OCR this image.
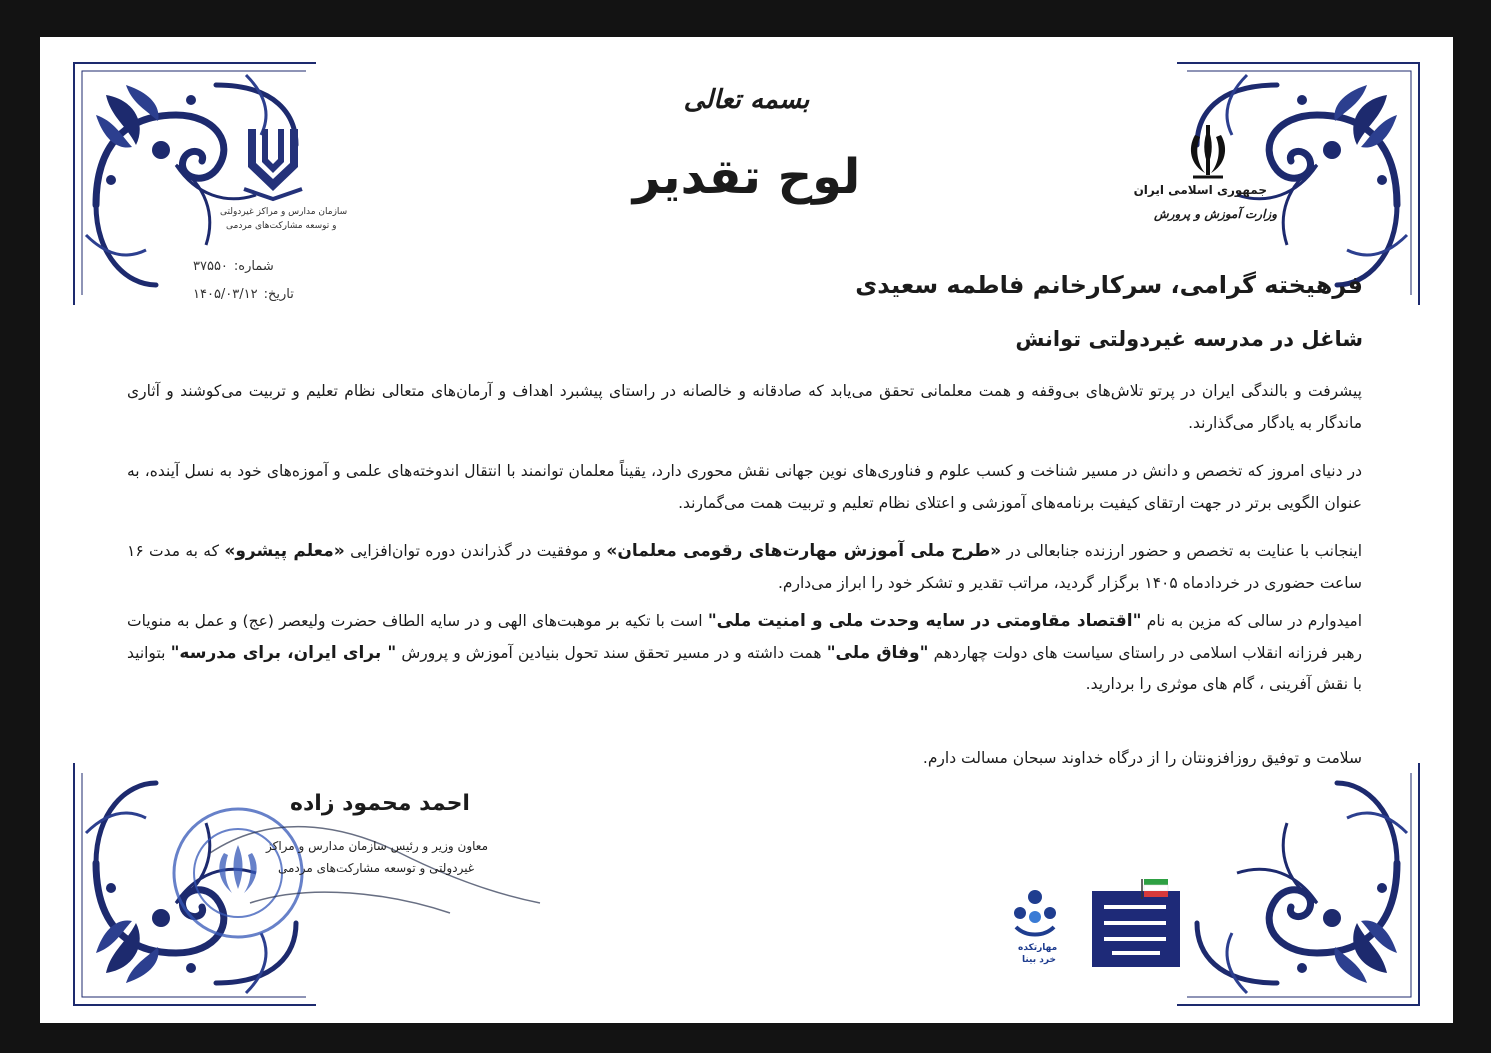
بسمه تعالی
لوح تقدیر	جمهوری اسلامی ایران
وزارت آموزش و پرورش
سازمان مدارس و مراکز غیردولتی
و توسعه مشارکت‌های مردمی
شماره:۳۷۵۵۰
تاریخ:۱۴۰۵/۰۳/۱۲	فرهیخته گرامی، سرکارخانم فاطمه سعیدی
شاغل در مدرسه غیردولتی توانش
پیشرفت و بالندگی ایران در پرتو تلاش‌های بی‌وقفه و همت معلمانی تحقق می‌یابد که صادقانه و خالصانه در راستای پیشبرد اهداف و آرمان‌های متعالی نظام تعلیم و تربیت می‌کوشند و آثاری ماندگار به یادگار می‌گذارند.
در دنیای امروز که تخصص و دانش در مسیر شناخت و کسب علوم و فناوری‌های نوین جهانی نقش محوری دارد، یقیناً معلمان توانمند با انتقال اندوخته‌های علمی و آموزه‌های خود به نسل آینده، به عنوان الگویی برتر در جهت ارتقای کیفیت برنامه‌های آموزشی و اعتلای نظام تعلیم و تربیت همت می‌گمارند.
اینجانب با عنایت به تخصص و حضور ارزنده جنابعالی در «طرح ملی آموزش مهارت‌های رقومی معلمان» و موفقیت در گذراندن دوره توان‌افزایی «معلم پیشرو» که به مدت ۱۶ ساعت حضوری در خردادماه ۱۴۰۵ برگزار گردید، مراتب تقدیر و تشکر خود را ابراز می‌دارم.
امیدوارم در سالی که مزین به نام "اقتصاد مقاومتی در سایه وحدت ملی و امنیت ملی" است با تکیه بر موهبت‌های الهی و در سایه الطاف حضرت ولیعصر (عج) و عمل به منویات رهبر فرزانه انقلاب اسلامی در راستای سیاست های دولت چهاردهم "وفاق ملی" همت داشته و در مسیر تحقق سند تحول بنیادین آموزش و پرورش " برای ایران، برای مدرسه" بتوانید با نقش آفرینی ، گام های موثری را بردارید.
سلامت و توفیق روزافزونتان را از درگاه خداوند سبحان مسالت دارم.
احمد محمود زاده
معاون وزیر و رئیس سازمان مدارس و مراکز
غیردولتی و توسعه مشارکت‌های مردمی
مهارتکده
خرد بینا
